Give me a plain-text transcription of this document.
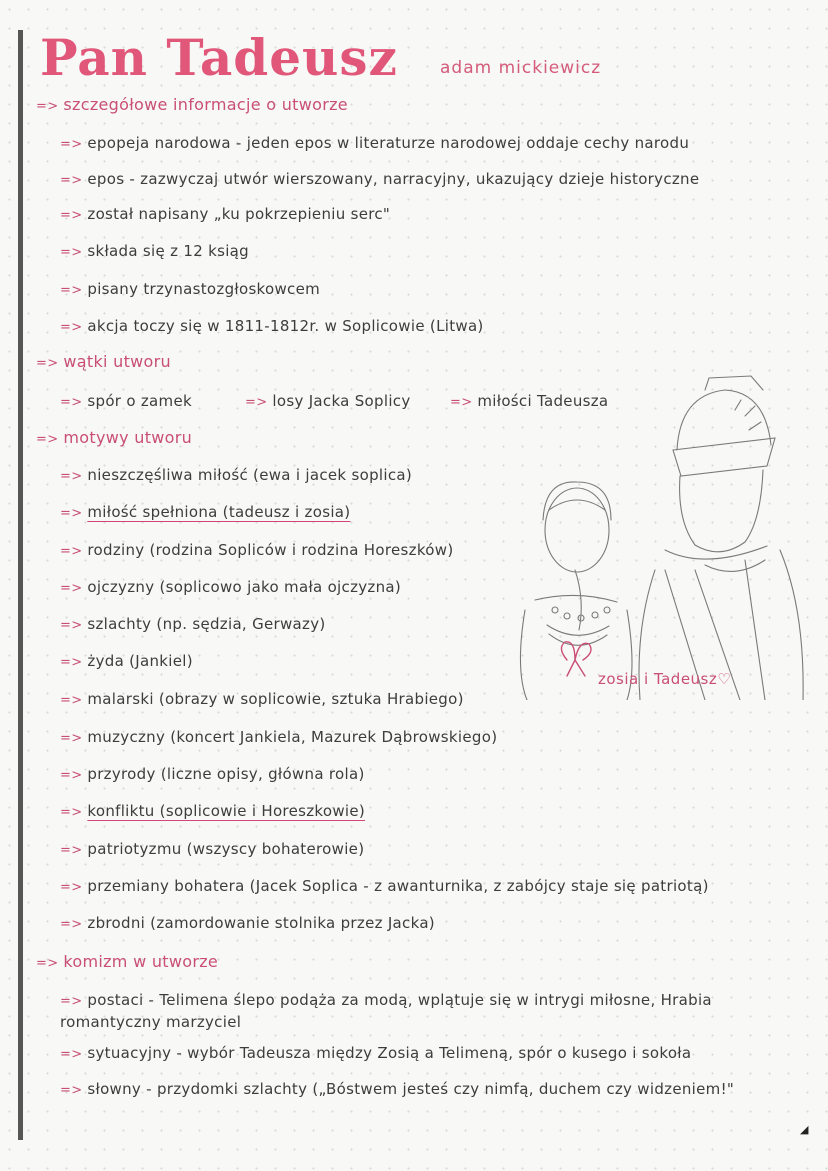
Pan Tadeusz adam mickiewicz
=> szczegółowe informacje o utworze
=> epopeja narodowa - jeden epos w literaturze narodowej oddaje cechy narodu
=> epos - zazwyczaj utwór wierszowany, narracyjny, ukazujący dzieje historyczne
=> został napisany „ku pokrzepieniu serc"
=> składa się z 12 ksiąg
=> pisany trzynastozgłoskowcem
=> akcja toczy się w 1811-1812r. w Soplicowie (Litwa)
=> wątki utworu
=> spór o zamek	=> losy Jacka Soplicy	=> miłości Tadeusza
=> motywy utworu
=> nieszczęśliwa miłość (ewa i jacek soplica)
=> miłość spełniona (tadeusz i zosia)
=> rodziny (rodzina Sopliców i rodzina Horeszków)
=> ojczyzny (soplicowo jako mała ojczyzna)
=> szlachty (np. sędzia, Gerwazy)
=> żyda (Jankiel)
=> malarski (obrazy w soplicowie, sztuka Hrabiego)
=> muzyczny (koncert Jankiela, Mazurek Dąbrowskiego)
=> przyrody (liczne opisy, główna rola)
=> konfliktu (soplicowie i Horeszkowie)
=> patriotyzmu (wszyscy bohaterowie)
=> przemiany bohatera (Jacek Soplica - z awanturnika, z zabójcy staje się patriotą)
=> zbrodni (zamordowanie stolnika przez Jacka)
=> komizm w utworze
=> postaci - Telimena ślepo podąża za modą, wplątuje się w intrygi miłosne, Hrabia romantyczny marzyciel
=> sytuacyjny - wybór Tadeusza między Zosią a Telimeną, spór o kusego i sokoła
=> słowny - przydomki szlachty („Bóstwem jesteś czy nimfą, duchem czy widzeniem!"
zosia i Tadeusz♡
◢
